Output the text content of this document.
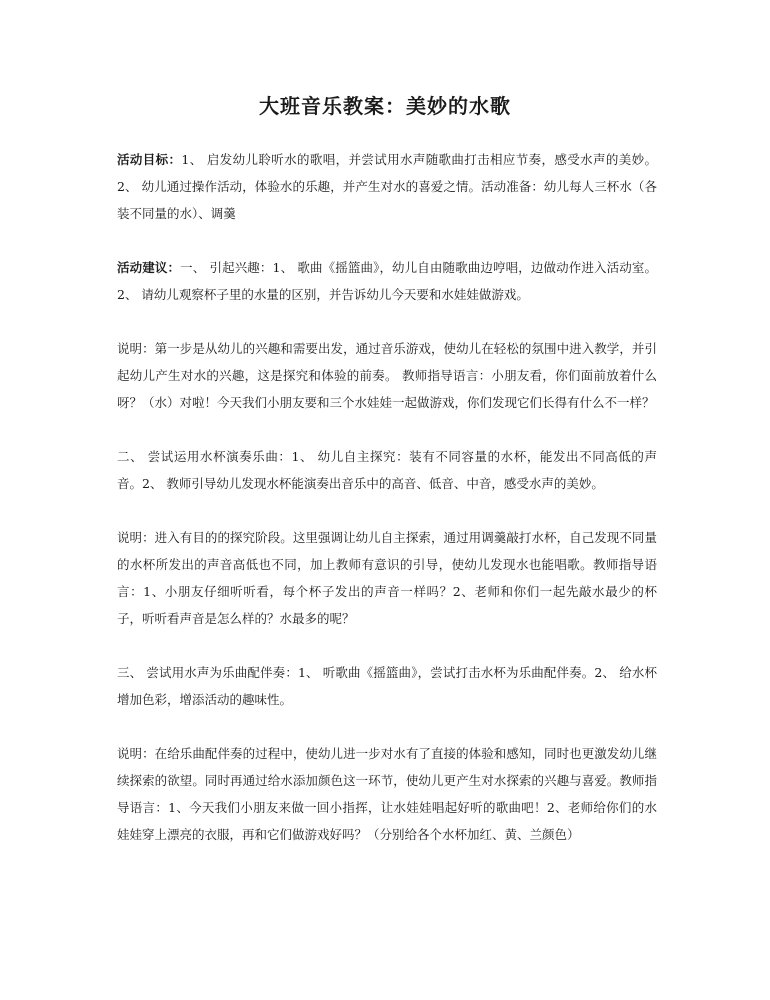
大班音乐教案：美妙的水歌

活动目标：1、 启发幼儿聆听水的歌唱，并尝试用水声随歌曲打击相应节奏，感受水声的美妙。2、 幼儿通过操作活动，体验水的乐趣，并产生对水的喜爱之情。活动准备：幼儿每人三杯水（各装不同量的水）、调羹

活动建议：一、 引起兴趣：1、 歌曲《摇篮曲》，幼儿自由随歌曲边哼唱，边做动作进入活动室。2、 请幼儿观察杯子里的水量的区别，并告诉幼儿今天要和水娃娃做游戏。

说明：第一步是从幼儿的兴趣和需要出发，通过音乐游戏，使幼儿在轻松的氛围中进入教学，并引起幼儿产生对水的兴趣，这是探究和体验的前奏。 教师指导语言：小朋友看，你们面前放着什么呀？（水）对啦！今天我们小朋友要和三个水娃娃一起做游戏，你们发现它们长得有什么不一样？

二、 尝试运用水杯演奏乐曲：1、 幼儿自主探究：装有不同容量的水杯，能发出不同高低的声音。2、 教师引导幼儿发现水杯能演奏出音乐中的高音、低音、中音，感受水声的美妙。

说明：进入有目的的探究阶段。这里强调让幼儿自主探索，通过用调羹敲打水杯，自己发现不同量的水杯所发出的声音高低也不同，加上教师有意识的引导，使幼儿发现水也能唱歌。教师指导语言：1、小朋友仔细听听看，每个杯子发出的声音一样吗？2、老师和你们一起先敲水最少的杯子，听听看声音是怎么样的？水最多的呢？

三、 尝试用水声为乐曲配伴奏：1、 听歌曲《摇篮曲》，尝试打击水杯为乐曲配伴奏。2、 给水杯增加色彩，增添活动的趣味性。

说明：在给乐曲配伴奏的过程中，使幼儿进一步对水有了直接的体验和感知，同时也更激发幼儿继续探索的欲望。同时再通过给水添加颜色这一环节，使幼儿更产生对水探索的兴趣与喜爱。教师指导语言：1、今天我们小朋友来做一回小指挥，让水娃娃唱起好听的歌曲吧！2、老师给你们的水娃娃穿上漂亮的衣服，再和它们做游戏好吗？（分别给各个水杯加红、黄、兰颜色）
